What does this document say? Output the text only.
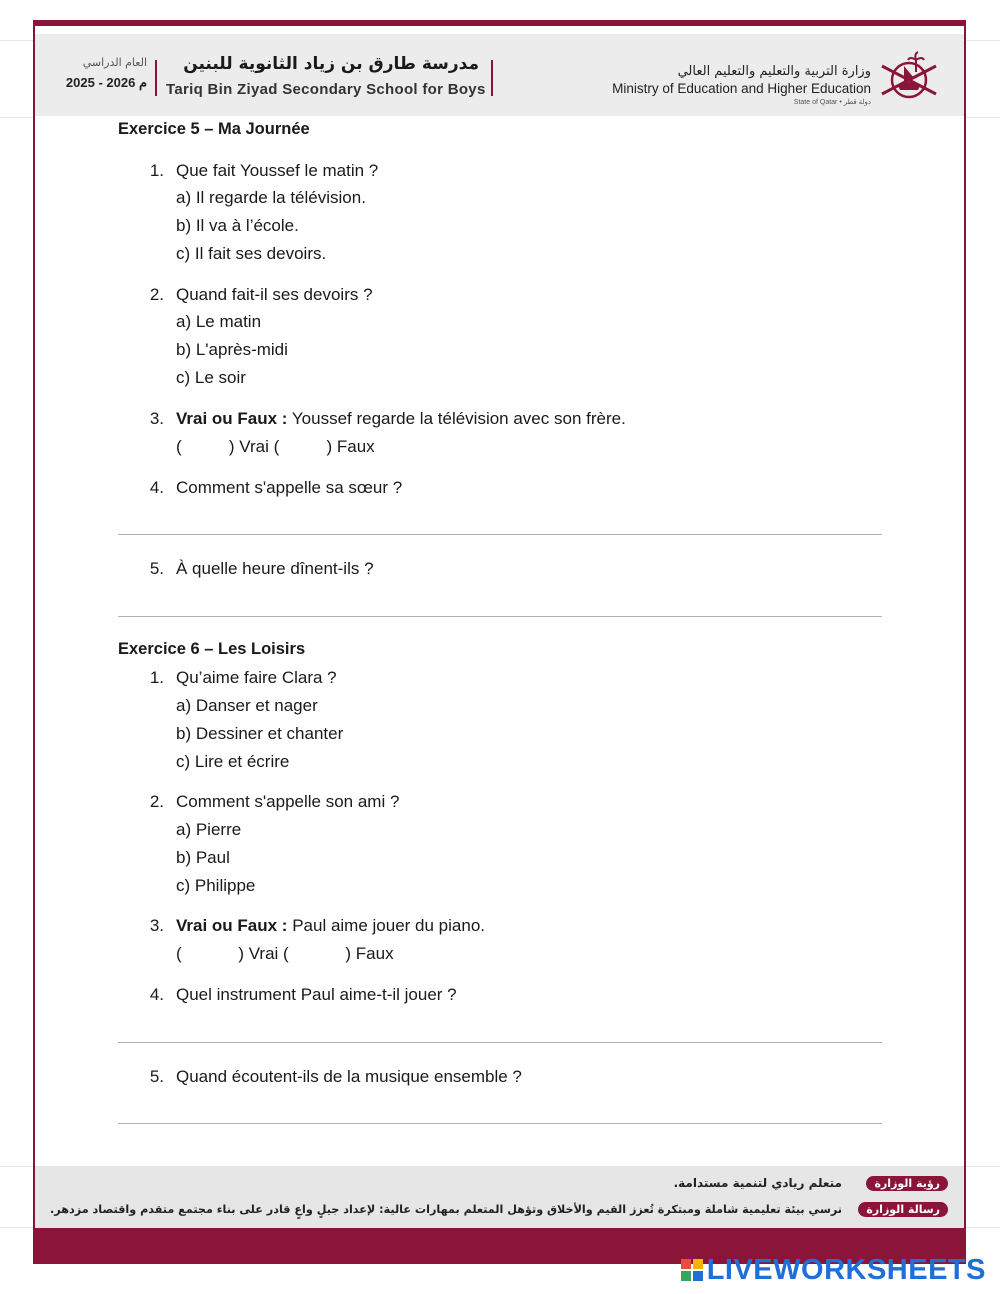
العام الدراسي
2025 - 2026 م
مدرسة طارق بن زياد الثانوية للبنين
Tariq Bin Ziyad Secondary School for Boys
وزارة التربية والتعليم والتعليم العالي
Ministry of Education and Higher Education
State of Qatar • دولة قطر
Exercice 5 – Ma Journée
1. Que fait Youssef le matin ?
a) Il regarde la télévision.
b) Il va à l’école.
c) Il fait ses devoirs.
2. Quand fait-il ses devoirs ?
a) Le matin
b) L'après-midi
c) Le soir
3. Vrai ou Faux : Youssef regarde la télévision avec son frère.
(          ) Vrai (          ) Faux
4. Comment s'appelle sa sœur ?
5. À quelle heure dînent-ils ?
Exercice 6 – Les Loisirs
1. Qu’aime faire Clara ?
a) Danser et nager
b) Dessiner et chanter
c) Lire et écrire
2. Comment s'appelle son ami ?
a) Pierre
b) Paul
c) Philippe
3. Vrai ou Faux : Paul aime jouer du piano.
(            ) Vrai (            ) Faux
4. Quel instrument Paul aime-t-il jouer ?
5. Quand écoutent-ils de la musique ensemble ?
رؤية الوزارة
متعلم ريادي لتنمية مستدامة.
رسالة الوزارة
نرسي بيئة تعليمية شاملة ومبتكرة تُعزز القيم والأخلاق وتؤهل المتعلم بمهارات عالية: لإعداد جيلٍ واعٍ قادر على بناء مجتمع متقدم واقتصاد مزدهر.
LIVEWORKSHEETS
